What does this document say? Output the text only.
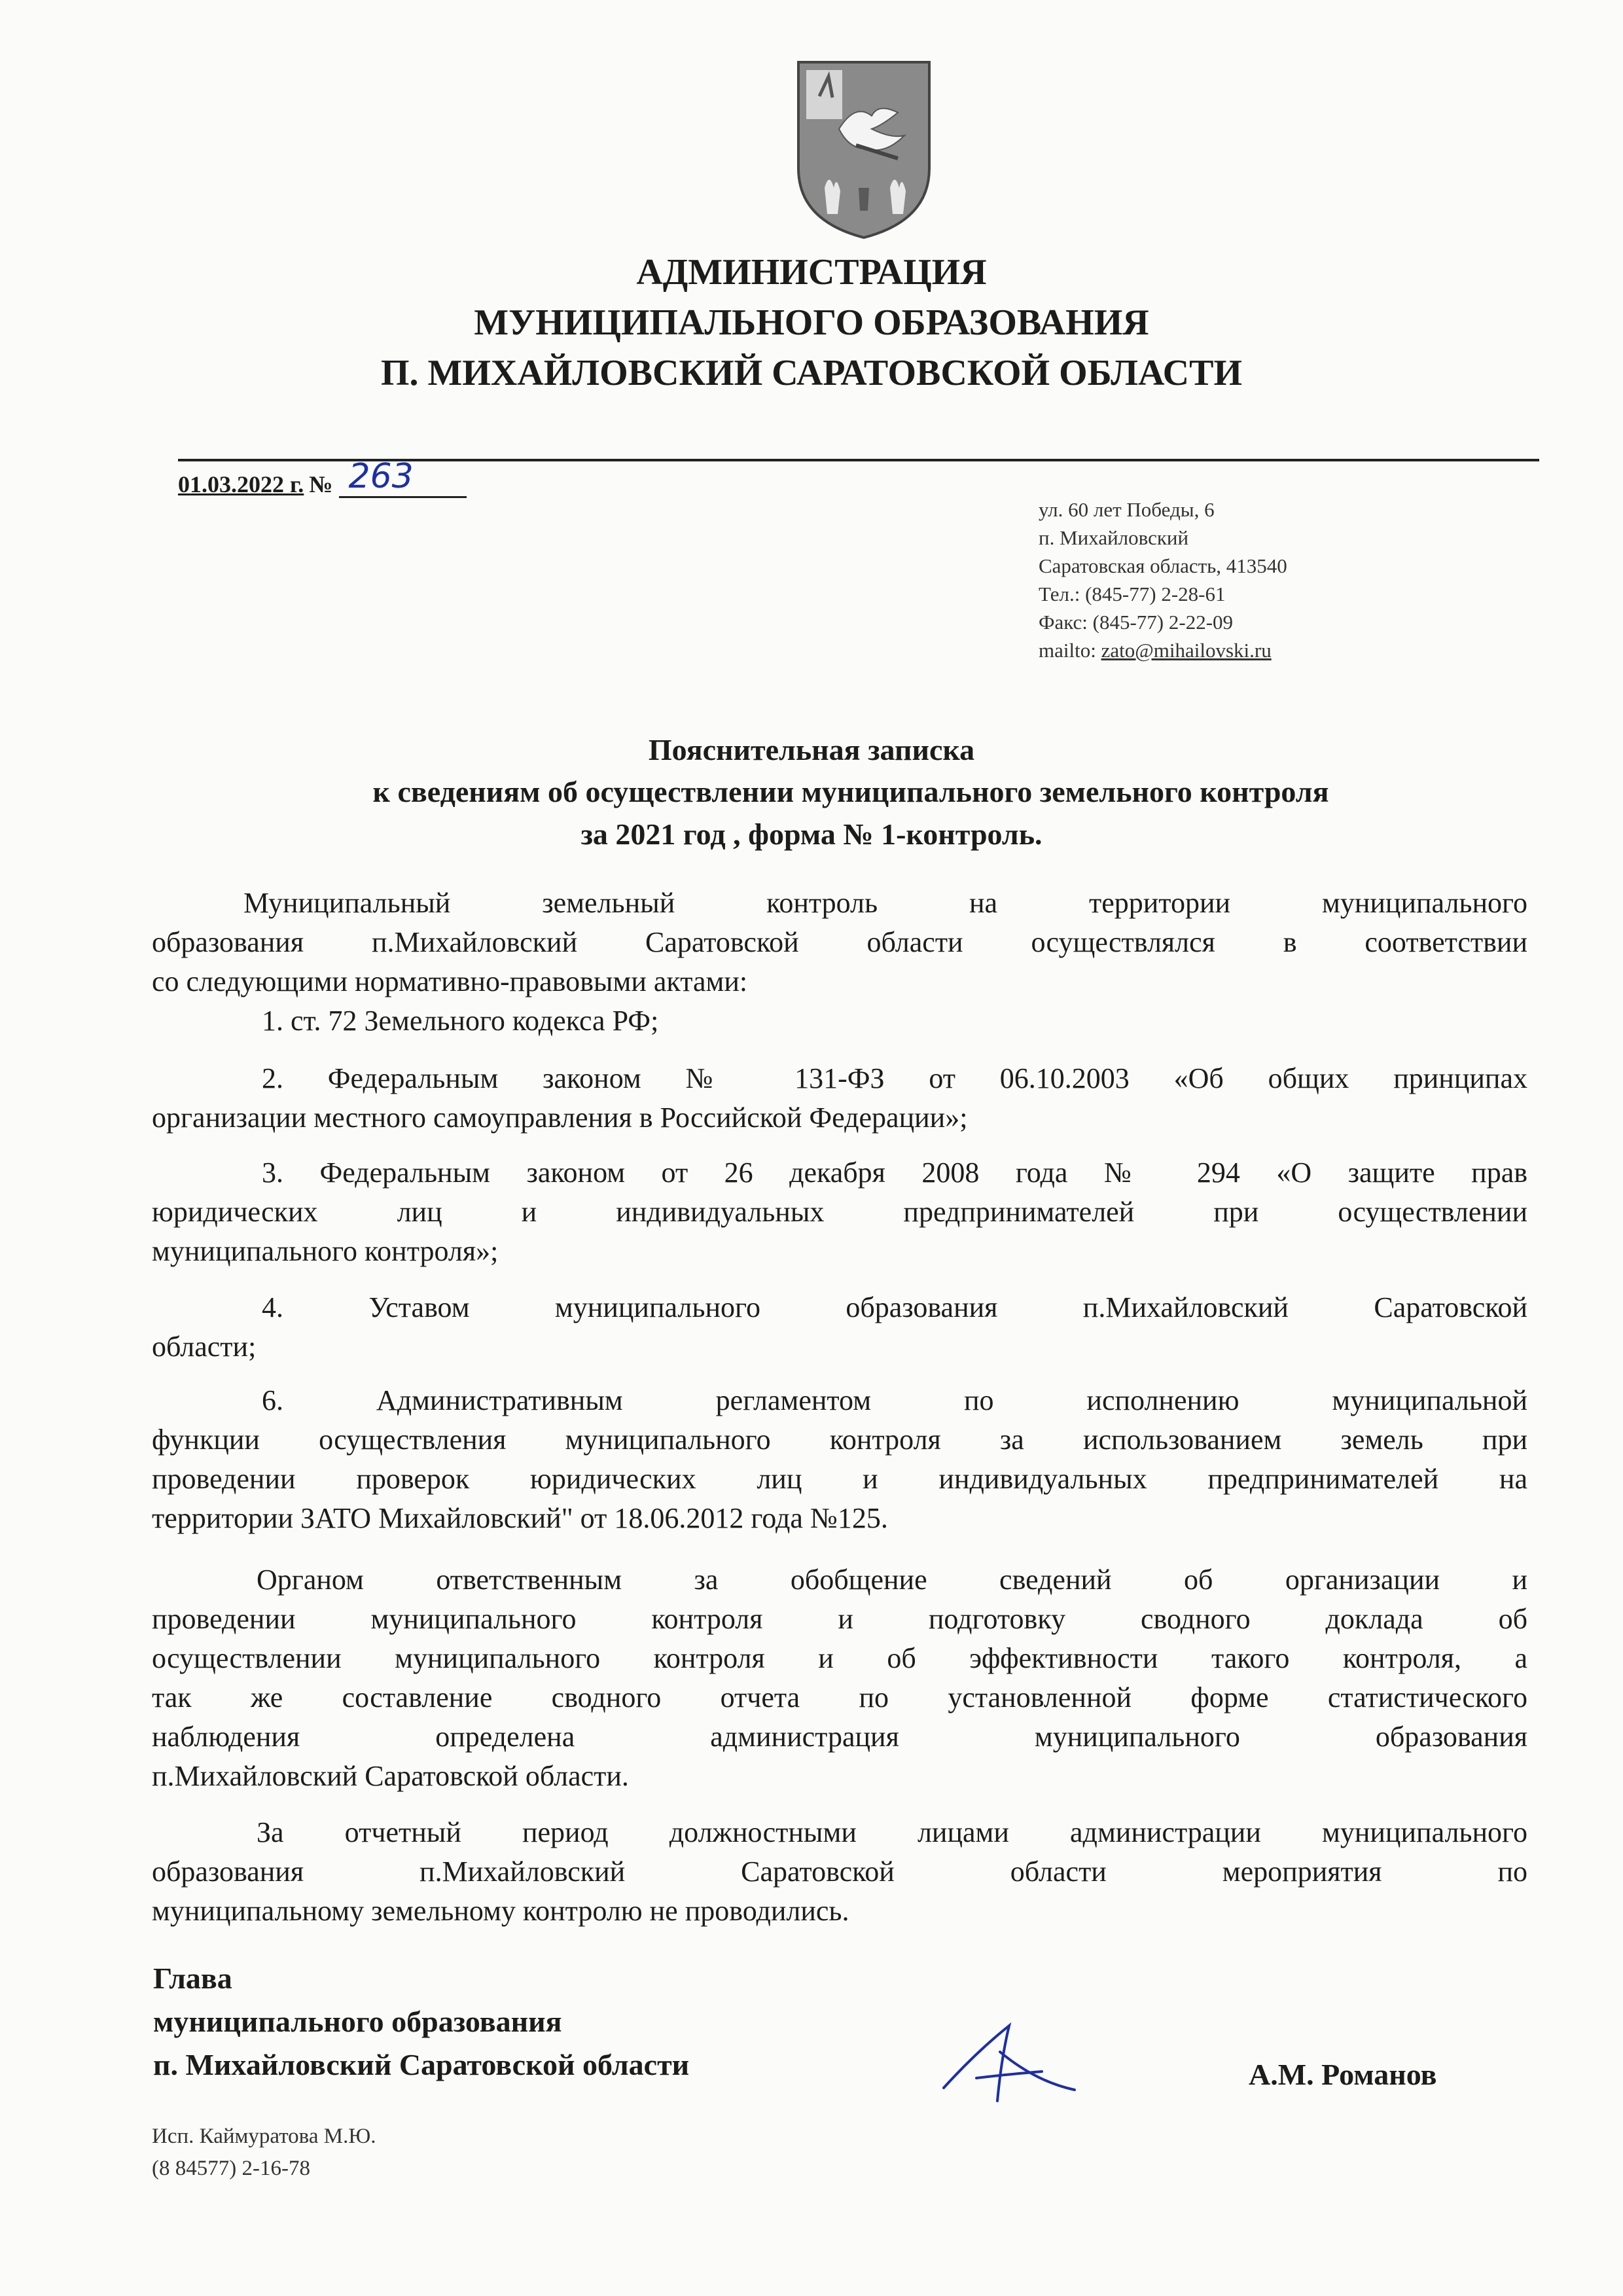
АДМИНИСТРАЦИЯ
МУНИЦИПАЛЬНОГО ОБРАЗОВАНИЯ
П. МИХАЙЛОВСКИЙ САРАТОВСКОЙ ОБЛАСТИ
01.03.2022 г. № 263
ул. 60 лет Победы, 6
п. Михайловский
Саратовская область, 413540
Тел.: (845-77) 2-28-61
Факс: (845-77) 2-22-09
mailto: zato@mihailovski.ru
Пояснительная записка
к сведениям об осуществлении муниципального земельного контроля
за 2021 год , форма № 1-контроль.
Муниципальный земельный контроль на территории муниципального
образования п.Михайловский Саратовской области осуществлялся в соответствии
со следующими нормативно-правовыми актами:
1. ст. 72 Земельного кодекса РФ;
2. Федеральным законом № 131-ФЗ от 06.10.2003 «Об общих принципах
организации местного самоуправления в Российской Федерации»;
3. Федеральным законом от 26 декабря 2008 года № 294 «О защите прав
юридических лиц и индивидуальных предпринимателей при осуществлении
муниципального контроля»;
4. Уставом муниципального образования п.Михайловский Саратовской
области;
6. Административным регламентом по исполнению муниципальной
функции осуществления муниципального контроля за использованием земель при
проведении проверок юридических лиц и индивидуальных предпринимателей на
территории ЗАТО Михайловский" от 18.06.2012 года №125.
Органом ответственным за обобщение сведений об организации и
проведении муниципального контроля и подготовку сводного доклада об
осуществлении муниципального контроля и об эффективности такого контроля, а
так же составление сводного отчета по установленной форме статистического
наблюдения определена администрация муниципального образования
п.Михайловский Саратовской области.
За отчетный период должностными лицами администрации муниципального
образования п.Михайловский Саратовской области мероприятия по
муниципальному земельному контролю не проводились.
Глава
муниципального образования
п. Михайловский Саратовской области	А.М. Романов
Исп. Каймуратова М.Ю.
(8 84577) 2-16-78
